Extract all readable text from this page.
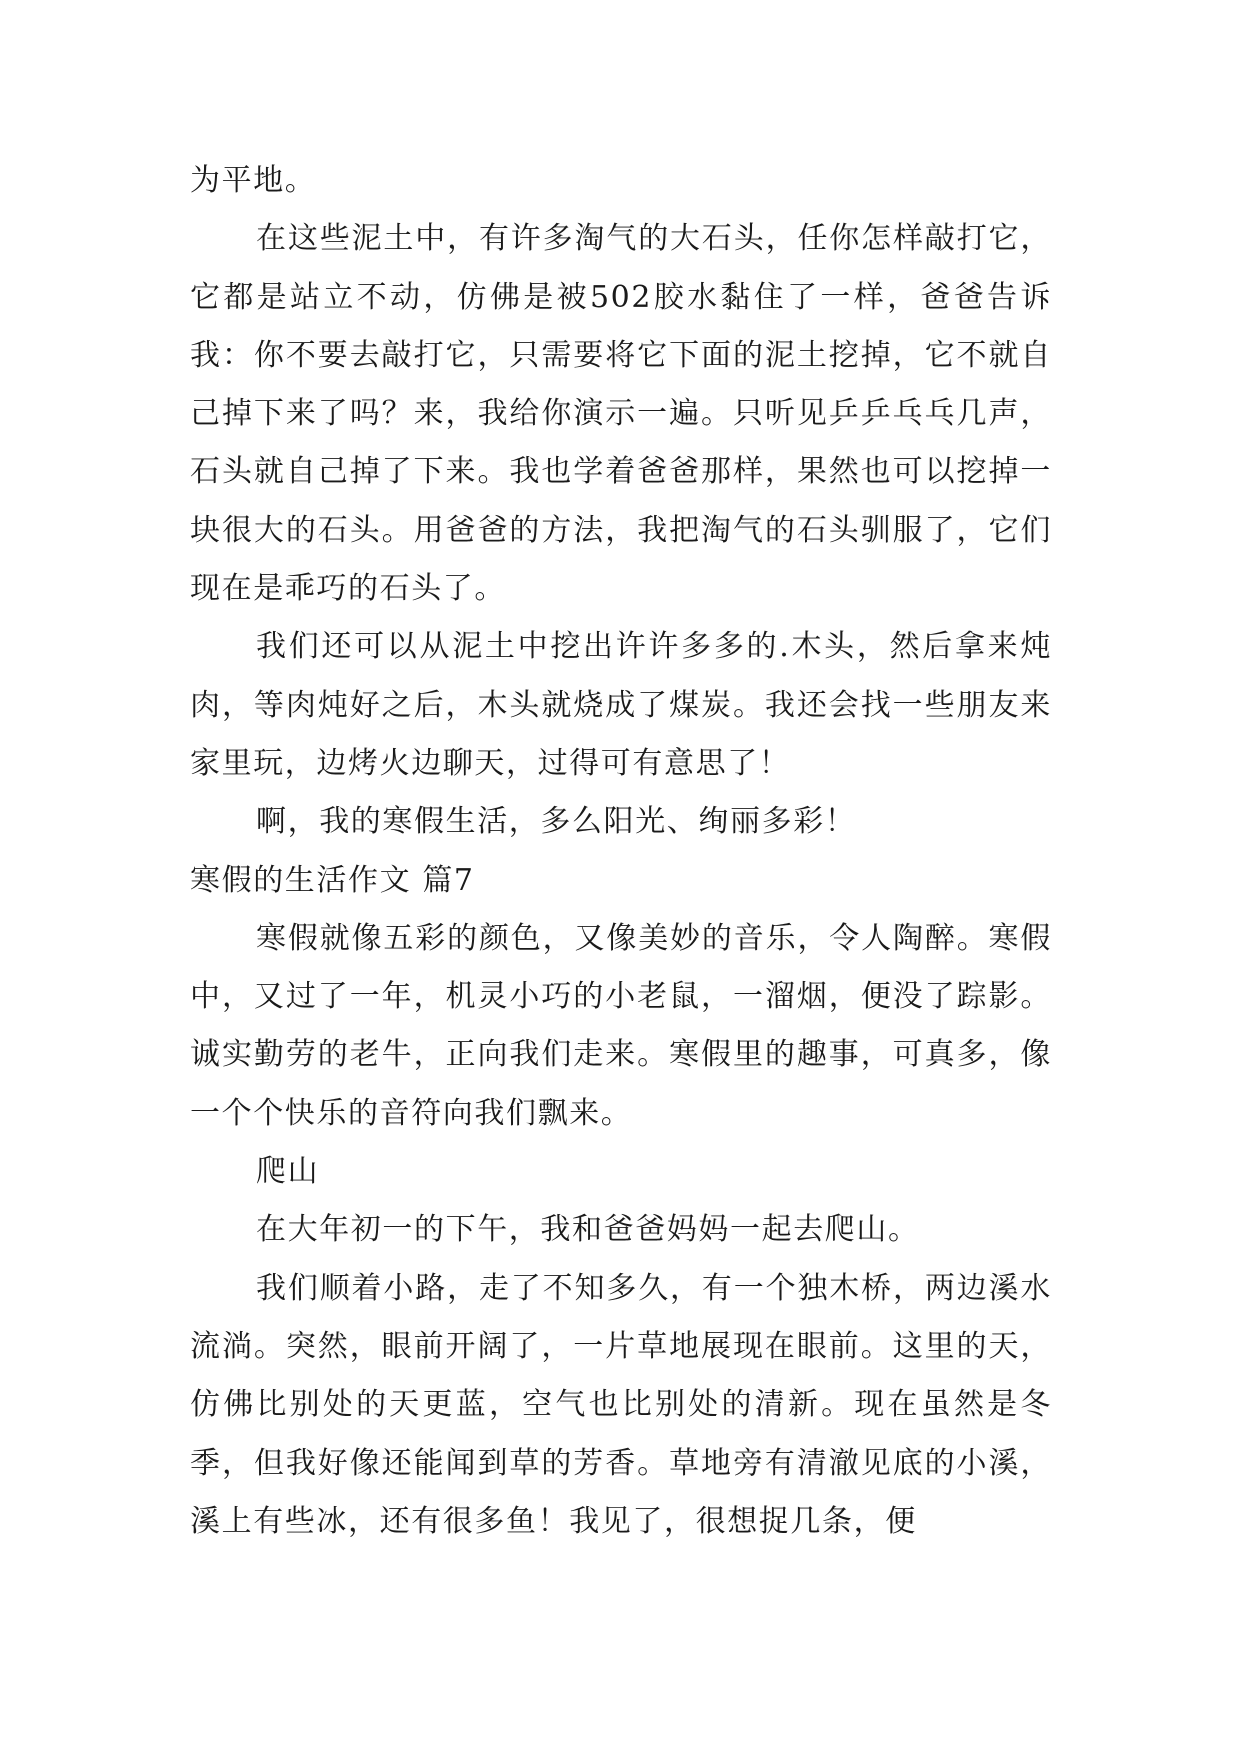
为平地。

在这些泥土中，有许多淘气的大石头，任你怎样敲打它，它都是站立不动，仿佛是被502胶水黏住了一样，爸爸告诉我：你不要去敲打它，只需要将它下面的泥土挖掉，它不就自己掉下来了吗？来，我给你演示一遍。只听见乒乒乓乓几声，石头就自己掉了下来。我也学着爸爸那样，果然也可以挖掉一块很大的石头。用爸爸的方法，我把淘气的石头驯服了，它们现在是乖巧的石头了。

我们还可以从泥土中挖出许许多多的.木头，然后拿来炖肉，等肉炖好之后，木头就烧成了煤炭。我还会找一些朋友来家里玩，边烤火边聊天，过得可有意思了！

啊，我的寒假生活，多么阳光、绚丽多彩！

寒假的生活作文 篇7

寒假就像五彩的颜色，又像美妙的音乐，令人陶醉。寒假中，又过了一年，机灵小巧的小老鼠，一溜烟，便没了踪影。诚实勤劳的老牛，正向我们走来。寒假里的趣事，可真多，像一个个快乐的音符向我们飘来。

爬山

在大年初一的下午，我和爸爸妈妈一起去爬山。

我们顺着小路，走了不知多久，有一个独木桥，两边溪水流淌。突然，眼前开阔了，一片草地展现在眼前。这里的天，仿佛比别处的天更蓝，空气也比别处的清新。现在虽然是冬季，但我好像还能闻到草的芳香。草地旁有清澈见底的小溪，溪上有些冰，还有很多鱼！我见了，很想捉几条，便
